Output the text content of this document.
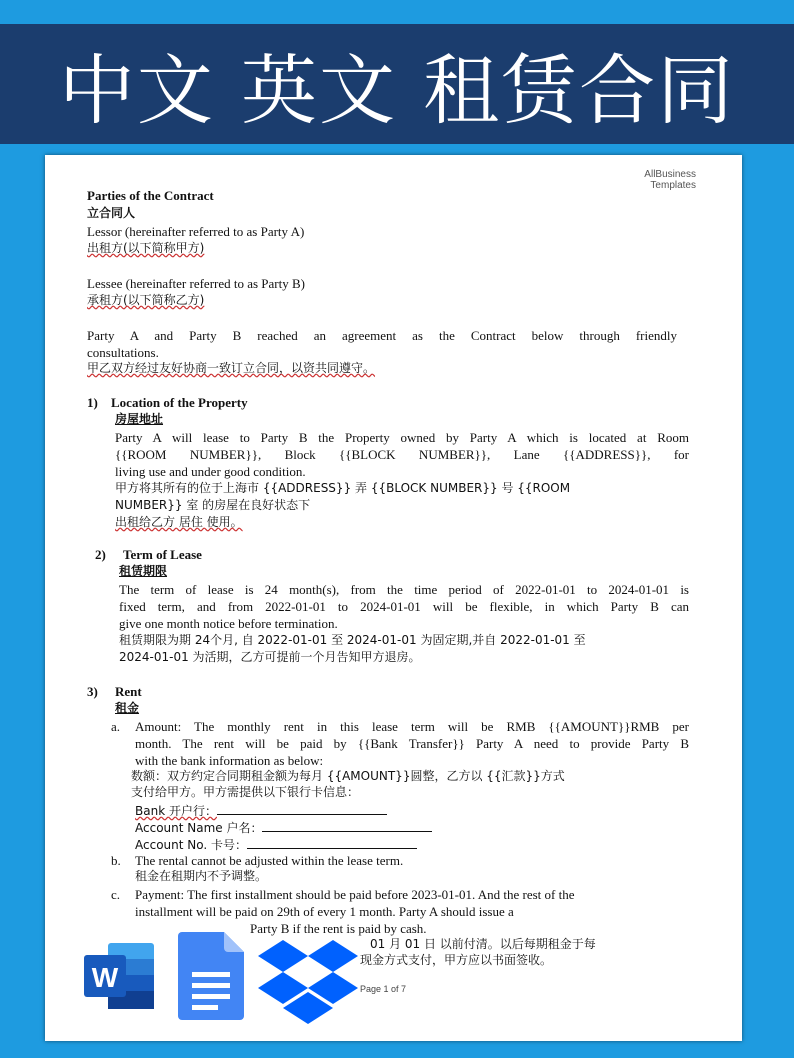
中文 英文 租赁合同
AllBusiness
Templates
Parties of the Contract
立合同人
Lessor (hereinafter referred to as Party A)
出租方(以下简称甲方)
Lessee (hereinafter referred to as Party B)
承租方(以下简称乙方)
Party A and Party B reached an agreement as the Contract below through friendly
consultations.
甲乙双方经过友好协商一致订立合同，以资共同遵守。
1) Location of the Property
房屋地址
Party A will lease to Party B the Property owned by Party A which is located at Room
{{ROOM NUMBER}}, Block {{BLOCK NUMBER}}, Lane {{ADDRESS}}, for
living use and under good condition.
甲方将其所有的位于上海市 {{ADDRESS}} 弄 {{BLOCK NUMBER}} 号 {{ROOM
NUMBER}} 室 的房屋在良好状态下
出租给乙方 居住 使用。
2) Term of Lease
租赁期限
The term of lease is 24 month(s), from the time period of 2022-01-01 to 2024-01-01 is
fixed term, and from 2022-01-01 to 2024-01-01 will be flexible, in which Party B can
give one month notice before termination.
租赁期限为期 24个月, 自 2022-01-01 至 2024-01-01 为固定期,并自 2022-01-01 至
2024-01-01 为活期，乙方可提前一个月告知甲方退房。
3) Rent
租金
a. Amount: The monthly rent in this lease term will be RMB {{AMOUNT}}RMB per
month. The rent will be paid by {{Bank Transfer}} Party A need to provide Party B
with the bank information as below:
数额：双方约定合同期租金额为每月 {{AMOUNT}}圆整，乙方以 {{汇款}}方式
支付给甲方。甲方需提供以下银行卡信息：
Bank 开户行：
Account Name 户名：
Account No. 卡号：
b. The rental cannot be adjusted within the lease term.
租金在租期内不予调整。
c. Payment: The first installment should be paid before 2023-01-01. And the rest of the
installment will be paid on 29th of every 1 month. Party A should issue a
Party B if the rent is paid by cash.
01 月 01 日 以前付清。以后每期租金于每
现金方式支付，甲方应以书面签收。
Page 1 of 7
W
